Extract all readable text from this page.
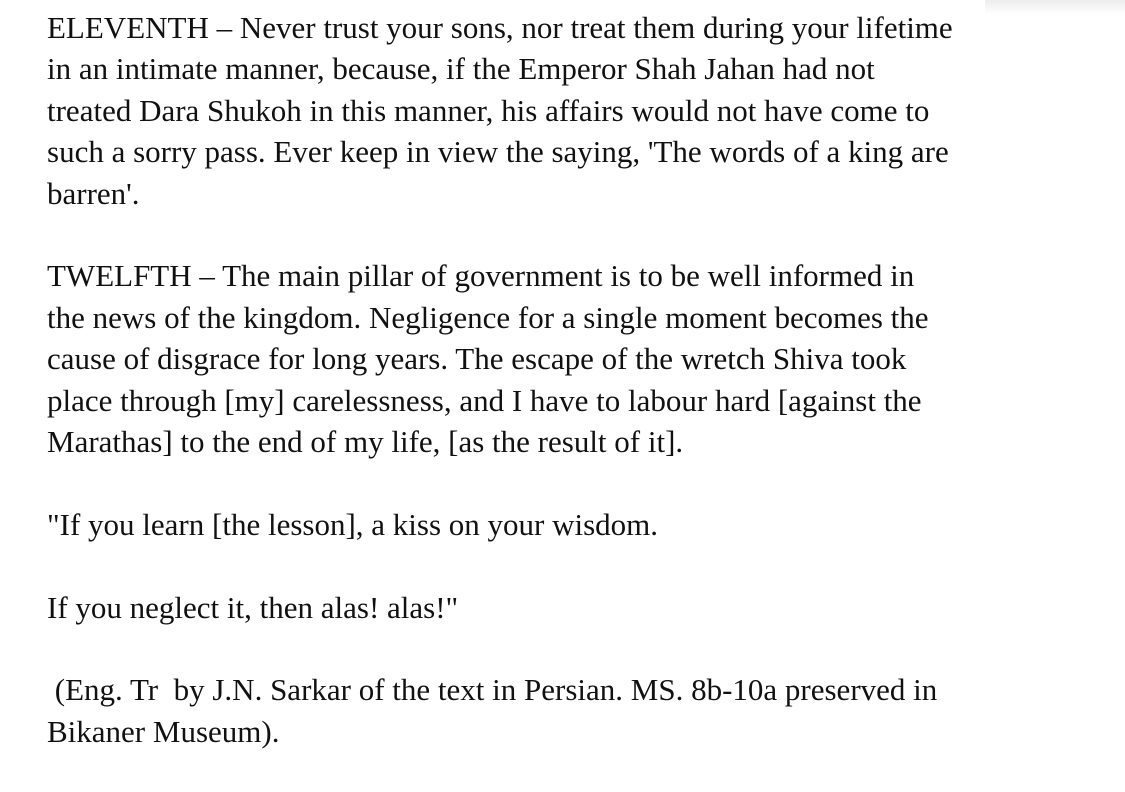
ELEVENTH – Never trust your sons, nor treat them during your lifetime
in an intimate manner, because, if the Emperor Shah Jahan had not
treated Dara Shukoh in this manner, his affairs would not have come to
such a sorry pass. Ever keep in view the saying, 'The words of a king are
barren'.

TWELFTH – The main pillar of government is to be well informed in
the news of the kingdom. Negligence for a single moment becomes the
cause of disgrace for long years. The escape of the wretch Shiva took
place through [my] carelessness, and I have to labour hard [against the
Marathas] to the end of my life, [as the result of it].

"If you learn [the lesson], a kiss on your wisdom.

If you neglect it, then alas! alas!"

(Eng. Tr  by J.N. Sarkar of the text in Persian. MS. 8b-10a preserved in
Bikaner Museum).
